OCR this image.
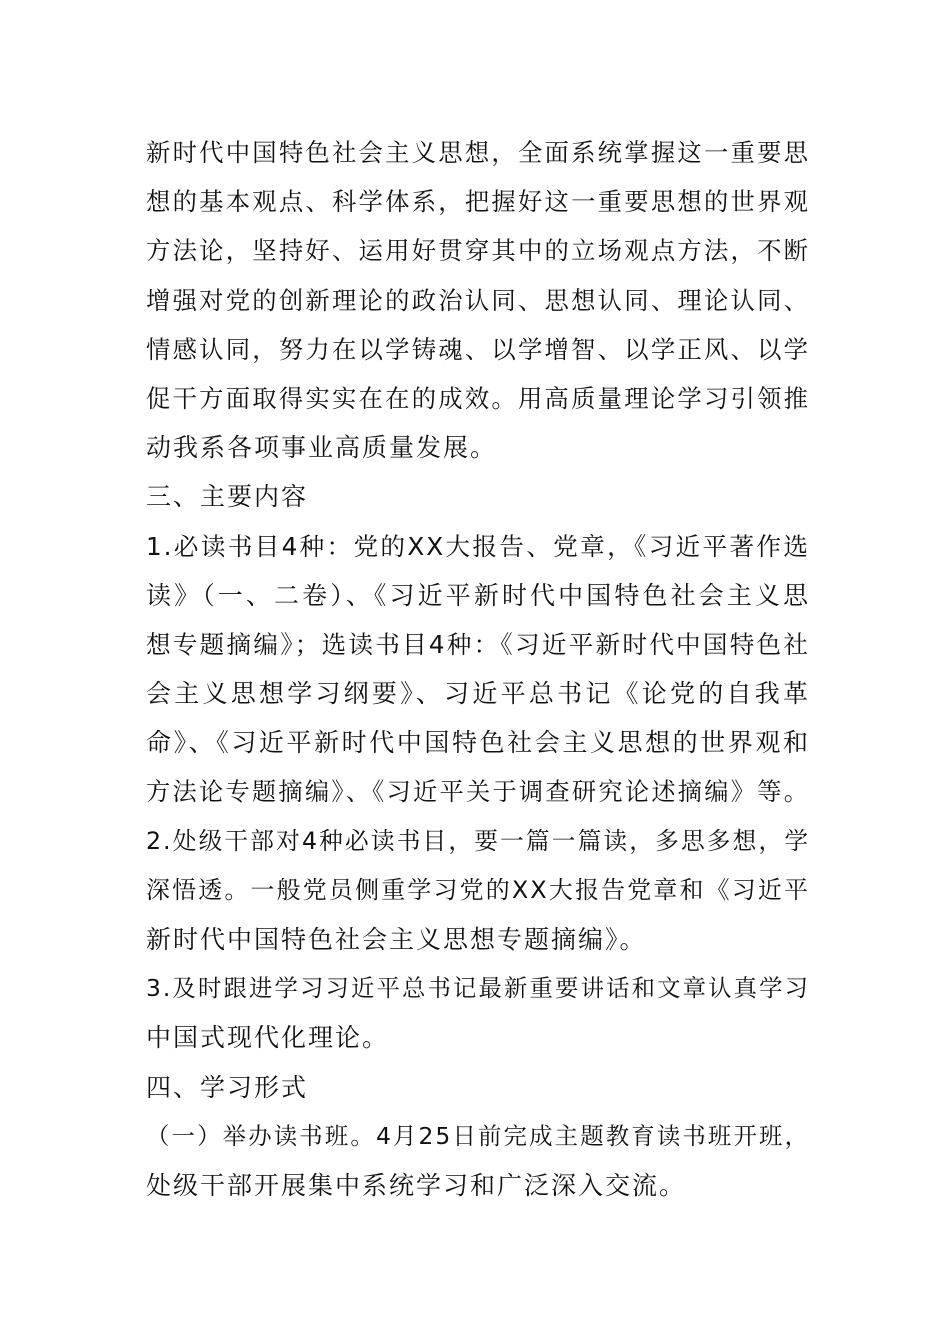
新时代中国特色社会主义思想，全面系统掌握这一重要思
想的基本观点、科学体系，把握好这一重要思想的世界观
方法论，坚持好、运用好贯穿其中的立场观点方法，不断
增强对党的创新理论的政治认同、思想认同、理论认同、
情感认同，努力在以学铸魂、以学增智、以学正风、以学
促干方面取得实实在在的成效。用高质量理论学习引领推
动我系各项事业高质量发展。
三、主要内容
1.必读书目4种：党的XX大报告、党章，《习近平著作选
读》（一、二卷）、《习近平新时代中国特色社会主义思
想专题摘编》；选读书目4种：《习近平新时代中国特色社
会主义思想学习纲要》、习近平总书记《论党的自我革
命》、《习近平新时代中国特色社会主义思想的世界观和
方法论专题摘编》、《习近平关于调查研究论述摘编》等。
2.处级干部对4种必读书目，要一篇一篇读，多思多想，学
深悟透。一般党员侧重学习党的XX大报告党章和《习近平
新时代中国特色社会主义思想专题摘编》。
3.及时跟进学习习近平总书记最新重要讲话和文章认真学习
中国式现代化理论。
四、学习形式
（一）举办读书班。4月25日前完成主题教育读书班开班，
处级干部开展集中系统学习和广泛深入交流。
